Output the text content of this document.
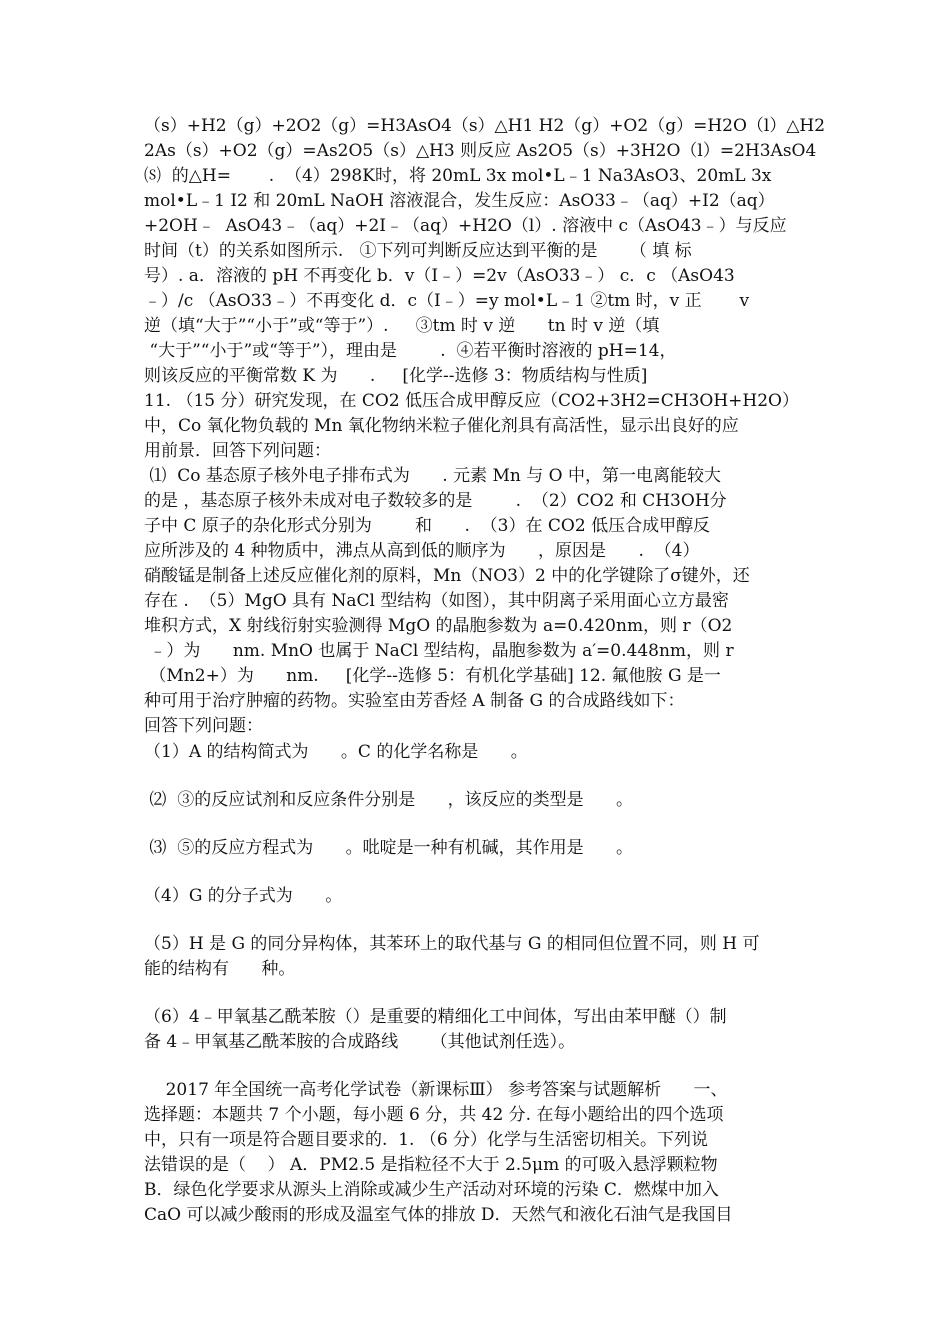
（s）+H2（g）+2O2（g）=H3AsO4（s）△H1 H2（g）+O2（g）=H2O（l）△H2
2As（s）+O2（g）=As2O5（s）△H3 则反应 As2O5（s）+3H2O（l）=2H3AsO4
⒮  的△H=       .  （4）298K时，将 20mL 3x mol•L﹣1 Na3AsO3、20mL 3x
mol•L﹣1 I2 和 20mL NaOH 溶液混合，发生反应：AsO33﹣（aq）+I2（aq）
+2OH﹣  AsO43﹣（aq）+2I﹣（aq）+H2O（l）. 溶液中 c（AsO43﹣）与反应
时间（t）的关系如图所示.   ①下列可判断反应达到平衡的是      （ 填 标
号）. a．溶液的 pH 不再变化 b．v（I﹣）=2v（AsO33﹣） c．c （AsO43
﹣）/c （AsO33﹣）不再变化 d．c（I﹣）=y mol•L﹣1 ②tm 时，v 正       v
逆（填“大于”“小于”或“等于”）.     ③tm 时 v 逆      tn 时 v 逆（填
“大于”“小于”或“等于”），理由是        .  ④若平衡时溶液的 pH=14，
则该反应的平衡常数 K 为      .     [化学--选修 3：物质结构与性质]
11. （15 分）研究发现，在 CO2 低压合成甲醇反应（CO2+3H2=CH3OH+H2O）
中，Co 氧化物负载的 Mn 氧化物纳米粒子催化剂具有高活性，显示出良好的应
用前景．回答下列问题：
⑴  Co 基态原子核外电子排布式为      . 元素 Mn 与 O 中，第一电离能较大
的是 ，基态原子核外未成对电子数较多的是        .  （2）CO2 和 CH3OH分
子中 C 原子的杂化形式分别为        和      .  （3）在 CO2 低压合成甲醇反
应所涉及的 4 种物质中，沸点从高到低的顺序为      ，原因是      .  （4）
硝酸锰是制备上述反应催化剂的原料，Mn（NO3）2 中的化学键除了σ键外，还
存在 .  （5）MgO 具有 NaCl 型结构（如图），其中阴离子采用面心立方最密
堆积方式，X 射线衍射实验测得 MgO 的晶胞参数为 a=0.420nm，则 r（O2
﹣）为      nm. MnO 也属于 NaCl 型结构，晶胞参数为 a′=0.448nm，则 r
（Mn2+）为      nm.     [化学--选修 5：有机化学基础] 12. 氟他胺 G 是一
种可用于治疗肿瘤的药物。实验室由芳香烃 A 制备 G 的合成路线如下：
回答下列问题：
（1）A 的结构简式为      。C 的化学名称是      。
⑵  ③的反应试剂和反应条件分别是      ，该反应的类型是      。
⑶  ⑤的反应方程式为      。吡啶是一种有机碱，其作用是      。
（4）G 的分子式为      。
（5）H 是 G 的同分异构体，其苯环上的取代基与 G 的相同但位置不同，则 H 可
能的结构有      种。
（6）4﹣甲氧基乙酰苯胺（）是重要的精细化工中间体，写出由苯甲醚（）制
备 4﹣甲氧基乙酰苯胺的合成路线      （其他试剂任选）。
2017 年全国统一高考化学试卷（新课标Ⅲ） 参考答案与试题解析      一、
选择题：本题共 7 个小题，每小题 6 分，共 42 分. 在每小题给出的四个选项
中，只有一项是符合题目要求的.  1. （6 分）化学与生活密切相关。下列说
法错误的是（    ） A．PM2.5 是指粒径不大于 2.5μm 的可吸入悬浮颗粒物
B．绿色化学要求从源头上消除或减少生产活动对环境的污染 C．燃煤中加入
CaO 可以减少酸雨的形成及温室气体的排放 D．天然气和液化石油气是我国目
